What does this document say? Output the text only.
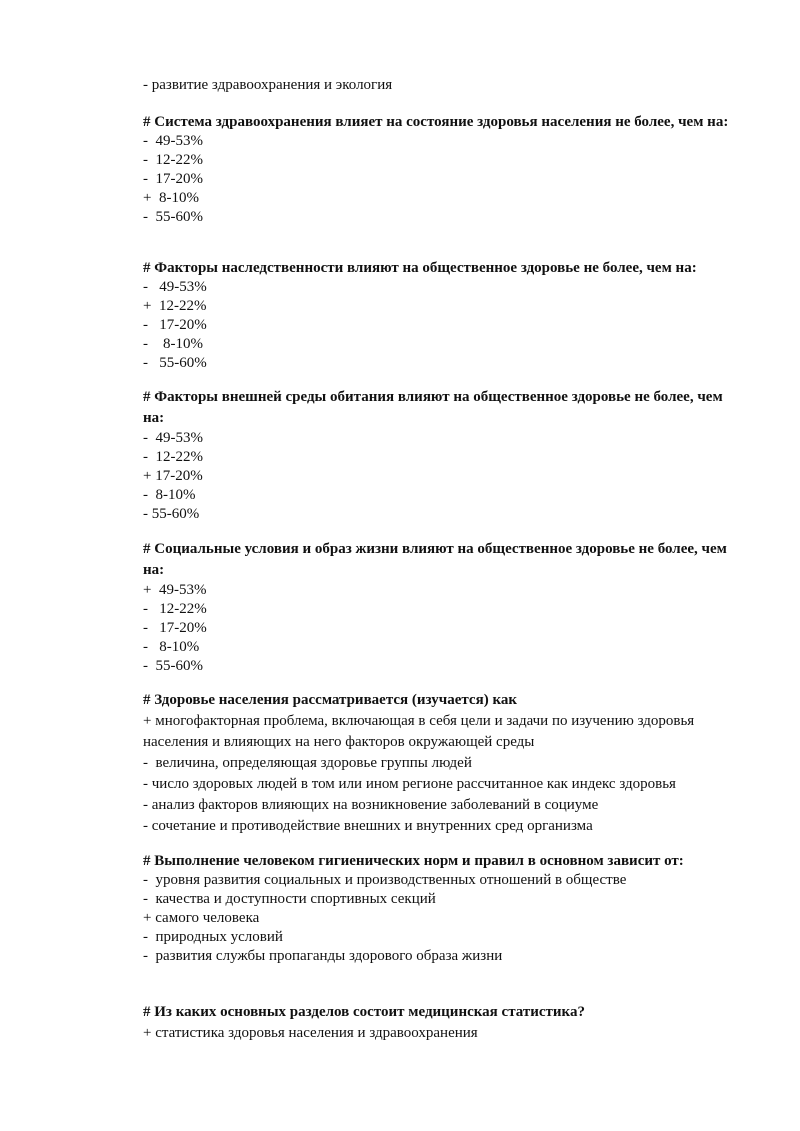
- развитие здравоохранения и экология
# Система здравоохранения влияет на состояние здоровья населения не более, чем на:
-  49-53%
-  12-22%
-  17-20%
+  8-10%
-  55-60%
# Факторы наследственности влияют на общественное здоровье не более, чем на:
-   49-53%
+  12-22%
-   17-20%
-    8-10%
-   55-60%
# Факторы внешней среды обитания влияют на общественное здоровье не более, чем на:
-  49-53%
-  12-22%
+ 17-20%
-  8-10%
- 55-60%
# Социальные условия и образ жизни влияют на общественное здоровье не более, чем на:
+  49-53%
-   12-22%
-   17-20%
-   8-10%
-  55-60%
# Здоровье населения рассматривается (изучается) как
+ многофакторная проблема, включающая в себя цели и задачи по изучению здоровья населения и влияющих на него факторов окружающей среды
-  величина, определяющая здоровье группы людей
- число здоровых людей в том или ином регионе рассчитанное как индекс здоровья
- анализ факторов влияющих на возникновение заболеваний в социуме
- сочетание и противодействие внешних и внутренних сред организма
# Выполнение человеком гигиенических норм и правил в основном зависит от:
-  уровня развития социальных и производственных отношений в обществе
-  качества и доступности спортивных секций
+ самого человека
-  природных условий
-  развития службы пропаганды здорового образа жизни
# Из каких основных разделов состоит медицинская статистика?
+ статистика здоровья населения и здравоохранения
